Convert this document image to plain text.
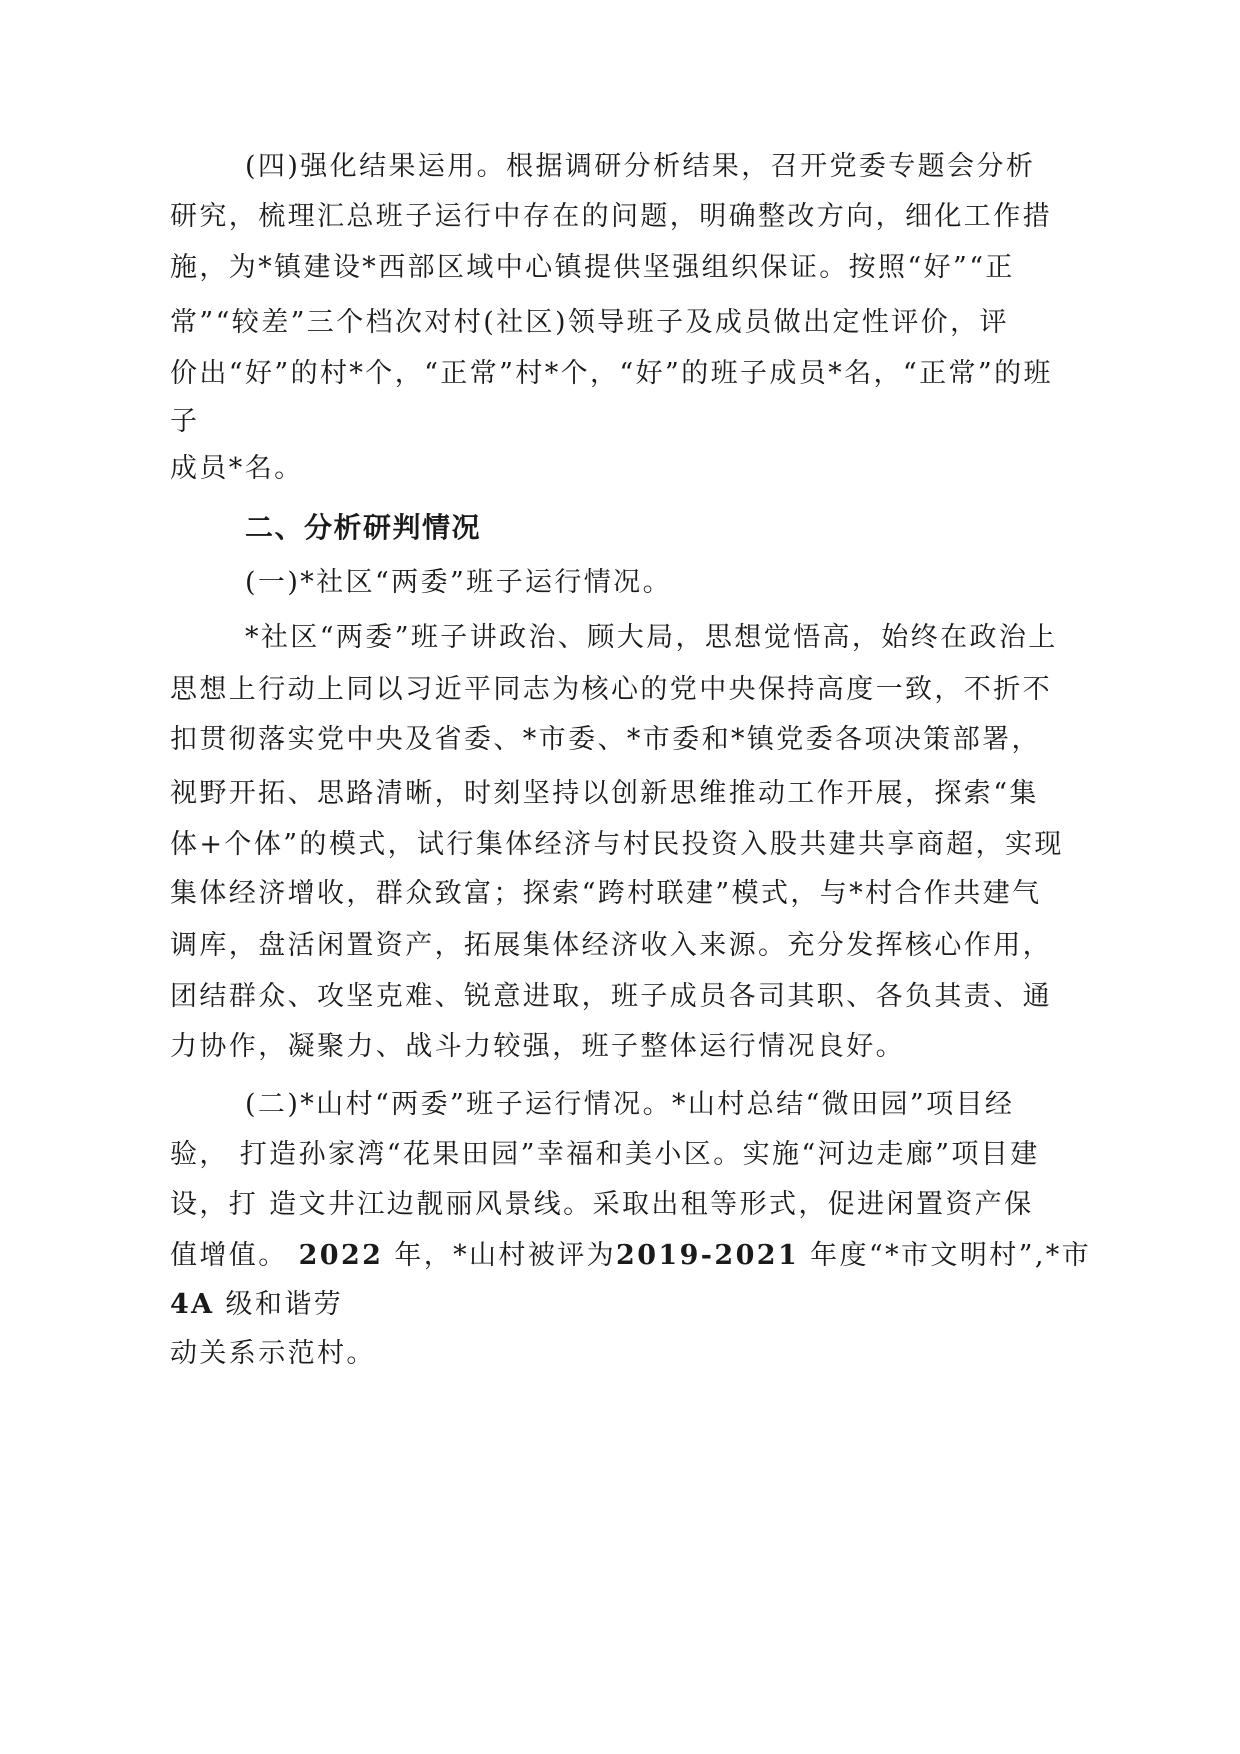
(四)强化结果运用。根据调研分析结果，召开党委专题会分析

研究，梳理汇总班子运行中存在的问题，明确整改方向，细化工作措

施，为*镇建设*西部区域中心镇提供坚强组织保证。按照“好”“正

常”“较差”三个档次对村(社区)领导班子及成员做出定性评价，评

价出“好”的村*个，“正常”村*个，“好”的班子成员*名，“正常”的班

子

成员*名。

二、分析研判情况

(一)*社区“两委”班子运行情况。

*社区“两委”班子讲政治、顾大局，思想觉悟高，始终在政治上

思想上行动上同以习近平同志为核心的党中央保持高度一致，不折不

扣贯彻落实党中央及省委、*市委、*市委和*镇党委各项决策部署，

视野开拓、思路清晰，时刻坚持以创新思维推动工作开展，探索“集

体+个体”的模式，试行集体经济与村民投资入股共建共享商超，实现

集体经济增收，群众致富；探索“跨村联建”模式，与*村合作共建气

调库，盘活闲置资产，拓展集体经济收入来源。充分发挥核心作用，

团结群众、攻坚克难、锐意进取，班子成员各司其职、各负其责、通

力协作，凝聚力、战斗力较强，班子整体运行情况良好。

(二)*山村“两委”班子运行情况。*山村总结“微田园”项目经

验， 打造孙家湾“花果田园”幸福和美小区。实施“河边走廊”项目建

设，打 造文井江边靓丽风景线。采取出租等形式，促进闲置资产保

值增值。 2022 年，*山村被评为2019-2021 年度“*市文明村”,*市

4A 级和谐劳

动关系示范村。
